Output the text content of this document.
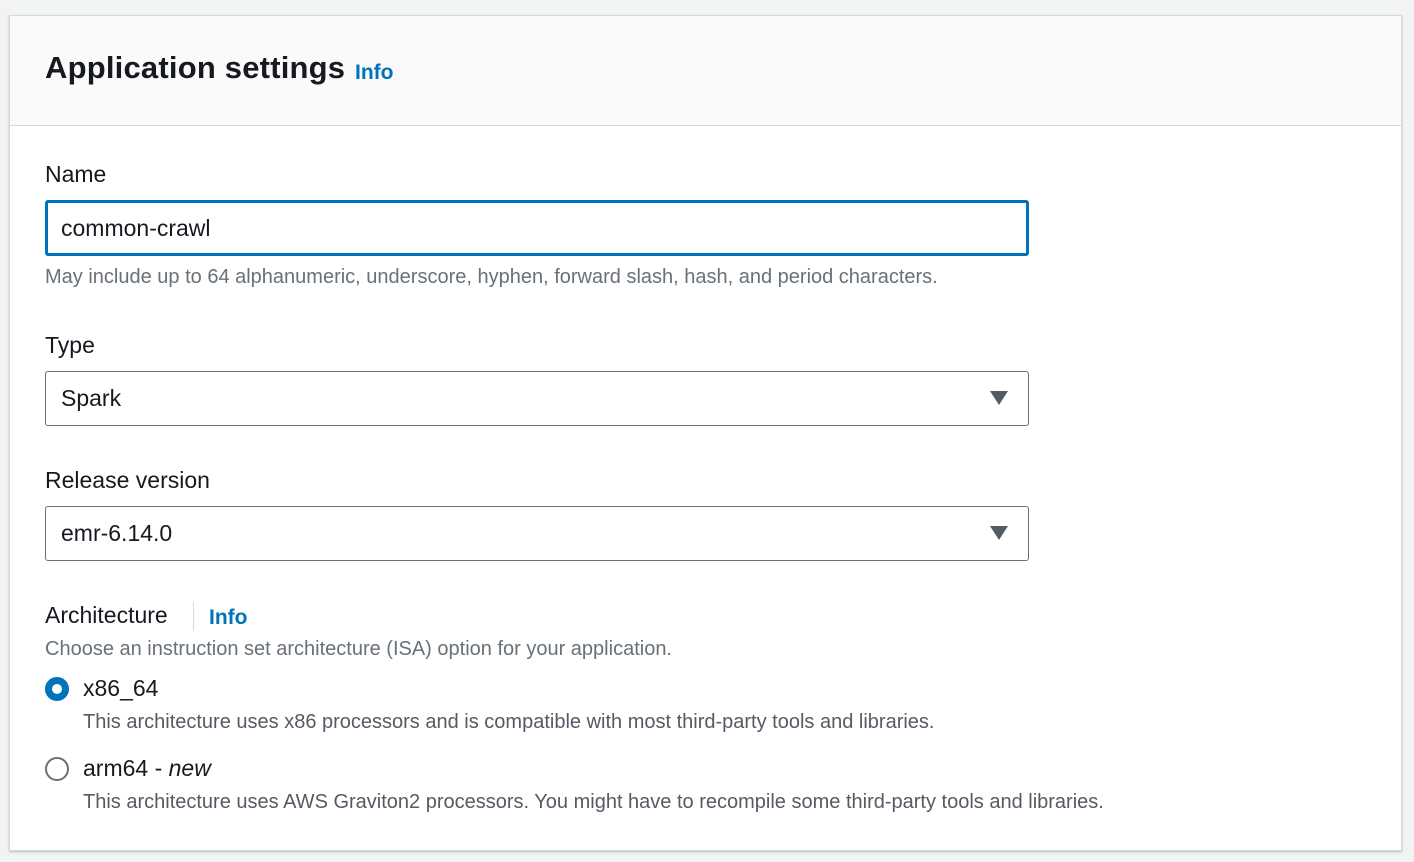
Application settings Info
Name
common-crawl
May include up to 64 alphanumeric, underscore, hyphen, forward slash, hash, and period characters.
Type
Spark
Release version
emr-6.14.0
Architecture Info
Choose an instruction set architecture (ISA) option for your application.
x86_64
This architecture uses x86 processors and is compatible with most third-party tools and libraries.
arm64 - new
This architecture uses AWS Graviton2 processors. You might have to recompile some third-party tools and libraries.
